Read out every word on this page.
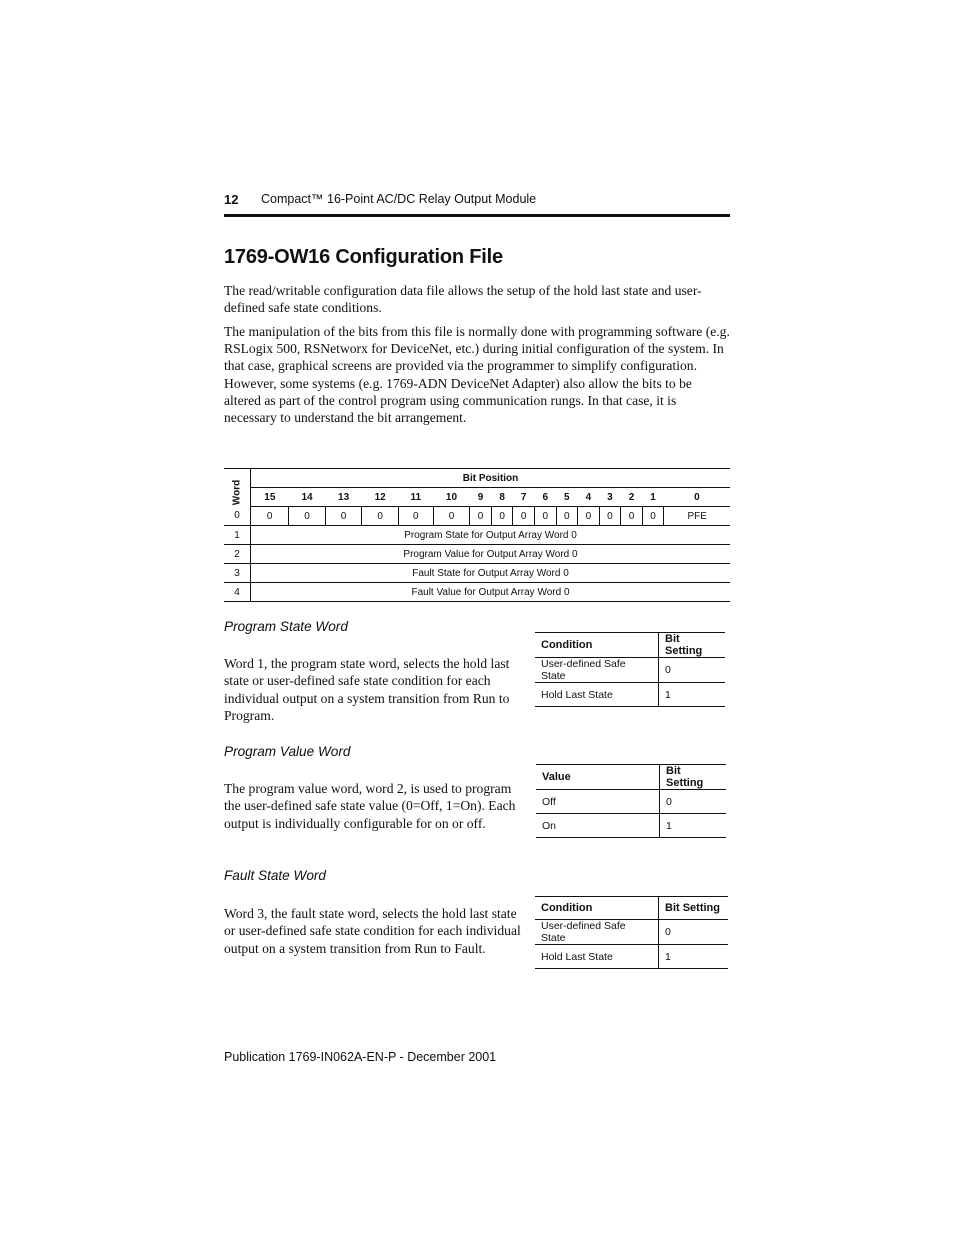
12 Compact™ 16-Point AC/DC Relay Output Module
1769-OW16 Configuration File

The read/writable configuration data file allows the setup of the hold last state and user-defined safe state conditions.

The manipulation of the bits from this file is normally done with programming software (e.g. RSLogix 500, RSNetworx for DeviceNet, etc.) during initial configuration of the system. In that case, graphical screens are provided via the programmer to simplify configuration. However, some systems (e.g. 1769-ADN DeviceNet Adapter) also allow the bits to be altered as part of the control program using communication rungs. In that case, it is necessary to understand the bit arrangement.

Word	Bit Position															
	15	14	13	12	11	10	9	8	7	6	5	4	3	2	1	0
0	0	0	0	0	0	0	0	0	0	0	0	0	0	0	0	PFE
1	Program State for Output Array Word 0															
2	Program Value for Output Array Word 0															
3	Fault State for Output Array Word 0															
4	Fault Value for Output Array Word 0															

Program State Word

Word 1, the program state word, selects the hold last state or user-defined safe state condition for each individual output on a system transition from Run to Program.

Condition	Bit Setting
User-defined Safe State	0
Hold Last State	1

Program Value Word

The program value word, word 2, is used to program the user-defined safe state value (0=Off, 1=On). Each output is individually configurable for on or off.

Value	Bit Setting
Off	0
On	1

Fault State Word

Word 3, the fault state word, selects the hold last state or user-defined safe state condition for each individual output on a system transition from Run to Fault.

Condition	Bit Setting
User-defined Safe State	0
Hold Last State	1
Publication 1769-IN062A-EN-P - December 2001
